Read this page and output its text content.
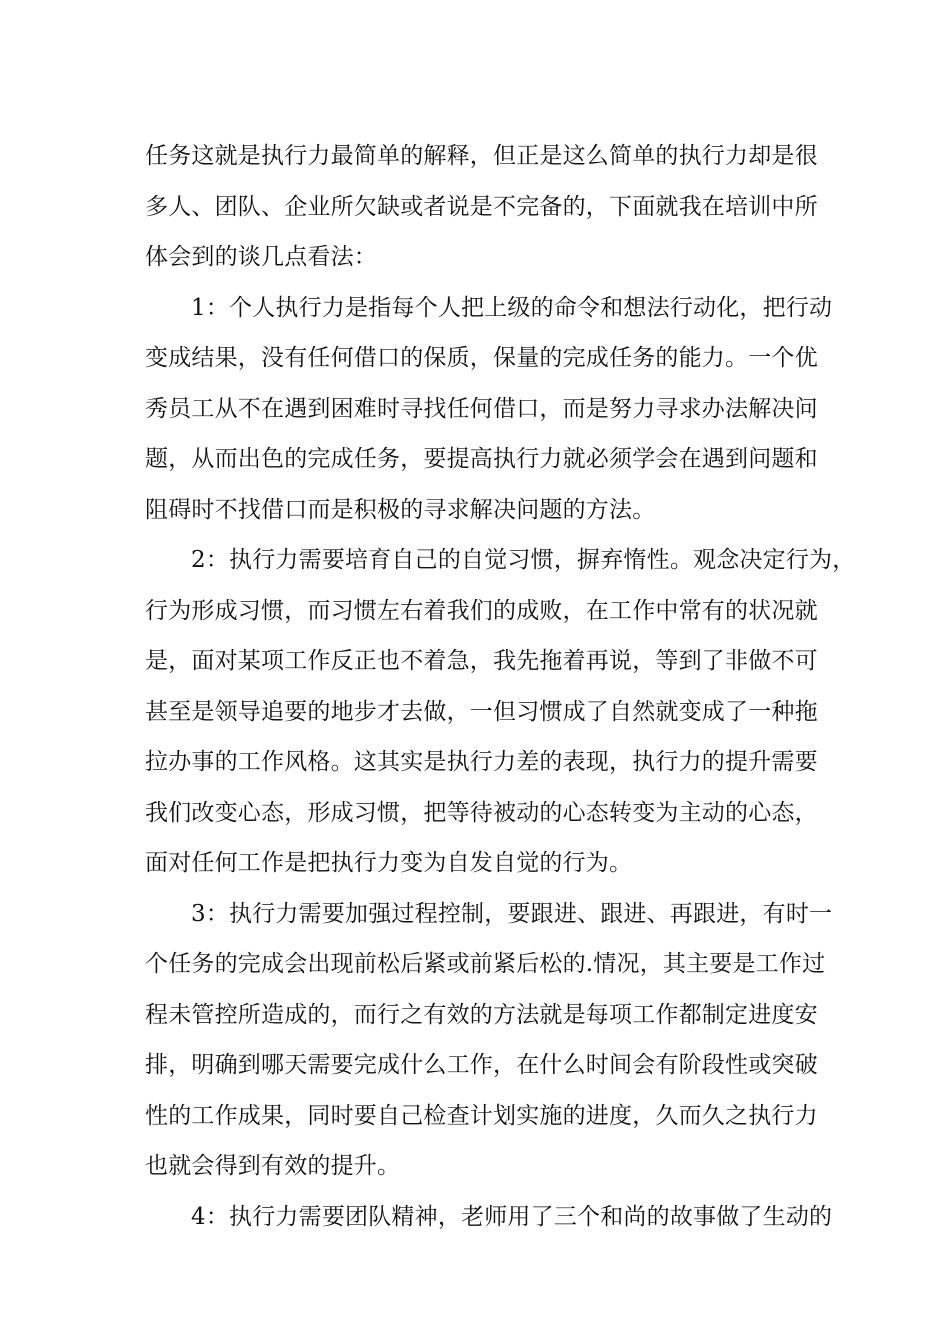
任务这就是执行力最简单的解释，但正是这么简单的执行力却是很
多人、团队、企业所欠缺或者说是不完备的，下面就我在培训中所
体会到的谈几点看法：

1：个人执行力是指每个人把上级的命令和想法行动化，把行动
变成结果，没有任何借口的保质，保量的完成任务的能力。一个优
秀员工从不在遇到困难时寻找任何借口，而是努力寻求办法解决问
题，从而出色的完成任务，要提高执行力就必须学会在遇到问题和
阻碍时不找借口而是积极的寻求解决问题的方法。

2：执行力需要培育自己的自觉习惯，摒弃惰性。观念决定行为，
行为形成习惯，而习惯左右着我们的成败，在工作中常有的状况就
是，面对某项工作反正也不着急，我先拖着再说，等到了非做不可
甚至是领导追要的地步才去做，一但习惯成了自然就变成了一种拖
拉办事的工作风格。这其实是执行力差的表现，执行力的提升需要
我们改变心态，形成习惯，把等待被动的心态转变为主动的心态，
面对任何工作是把执行力变为自发自觉的行为。

3：执行力需要加强过程控制，要跟进、跟进、再跟进，有时一
个任务的完成会出现前松后紧或前紧后松的.情况，其主要是工作过
程未管控所造成的，而行之有效的方法就是每项工作都制定进度安
排，明确到哪天需要完成什么工作，在什么时间会有阶段性或突破
性的工作成果，同时要自己检查计划实施的进度，久而久之执行力
也就会得到有效的提升。

4：执行力需要团队精神，老师用了三个和尚的故事做了生动的
